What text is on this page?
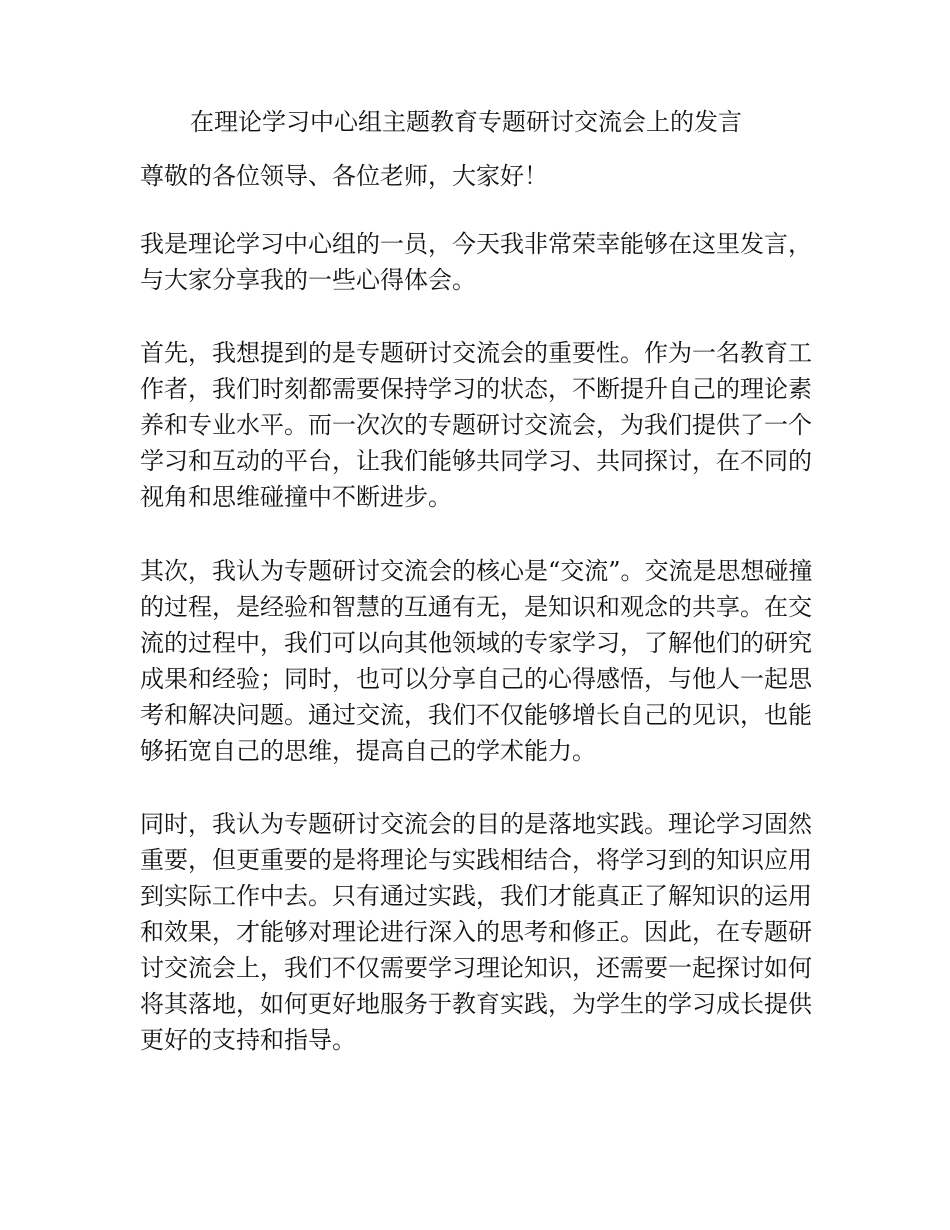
在理论学习中心组主题教育专题研讨交流会上的发言

尊敬的各位领导、各位老师，大家好！

我是理论学习中心组的一员，今天我非常荣幸能够在这里发言，与大家分享我的一些心得体会。

首先，我想提到的是专题研讨交流会的重要性。作为一名教育工作者，我们时刻都需要保持学习的状态，不断提升自己的理论素养和专业水平。而一次次的专题研讨交流会，为我们提供了一个学习和互动的平台，让我们能够共同学习、共同探讨，在不同的视角和思维碰撞中不断进步。

其次，我认为专题研讨交流会的核心是“交流”。交流是思想碰撞的过程，是经验和智慧的互通有无，是知识和观念的共享。在交流的过程中，我们可以向其他领域的专家学习，了解他们的研究成果和经验；同时，也可以分享自己的心得感悟，与他人一起思考和解决问题。通过交流，我们不仅能够增长自己的见识，也能够拓宽自己的思维，提高自己的学术能力。

同时，我认为专题研讨交流会的目的是落地实践。理论学习固然重要，但更重要的是将理论与实践相结合，将学习到的知识应用到实际工作中去。只有通过实践，我们才能真正了解知识的运用和效果，才能够对理论进行深入的思考和修正。因此，在专题研讨交流会上，我们不仅需要学习理论知识，还需要一起探讨如何将其落地，如何更好地服务于教育实践，为学生的学习成长提供更好的支持和指导。
